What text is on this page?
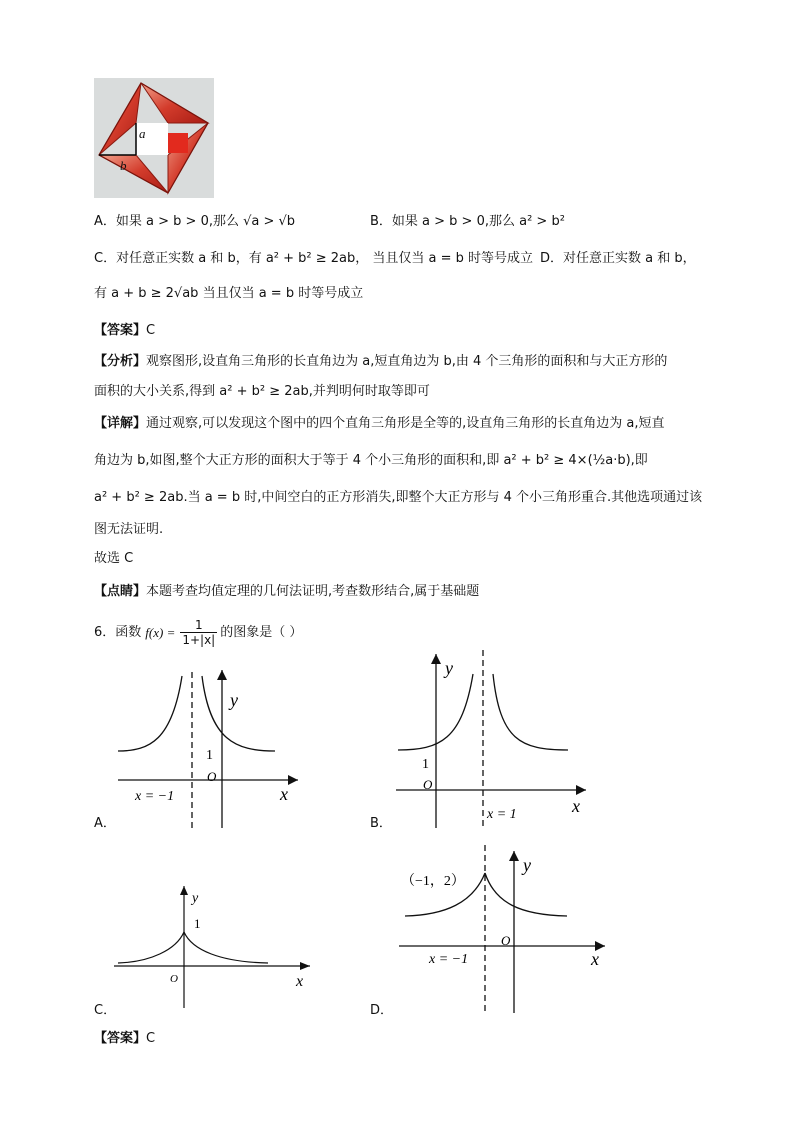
a
b
A．如果 a > b > 0,那么 √a > √b	B．如果 a > b > 0,那么 a² > b²
C．对任意正实数 a 和 b，有 a² + b² ≥ 2ab， 当且仅当 a = b 时等号成立 D．对任意正实数 a 和 b，
有 a + b ≥ 2√ab 当且仅当 a = b 时等号成立
【答案】C
【分析】观察图形,设直角三角形的长直角边为 a,短直角边为 b,由 4 个三角形的面积和与大正方形的
面积的大小关系,得到 a² + b² ≥ 2ab,并判明何时取等即可
【详解】通过观察,可以发现这个图中的四个直角三角形是全等的,设直角三角形的长直角边为 a,短直
角边为 b,如图,整个大正方形的面积大于等于 4 个小三角形的面积和,即 a² + b² ≥ 4×(½a·b),即
a² + b² ≥ 2ab.当 a = b 时,中间空白的正方形消失,即整个大正方形与 4 个小三角形重合.其他选项通过该
图无法证明.
故选 C
【点睛】本题考查均值定理的几何法证明,考查数形结合,属于基础题
6．函数 $f(x) = \frac{1}{1+|x|}$ 的图象是（ ）
x
y
O
1
x = −1
A．
x
y
O
1
x = 1
B．
x
y
O
1
C．
x
y
O
（−1，2）
x = −1
D．
【答案】C
